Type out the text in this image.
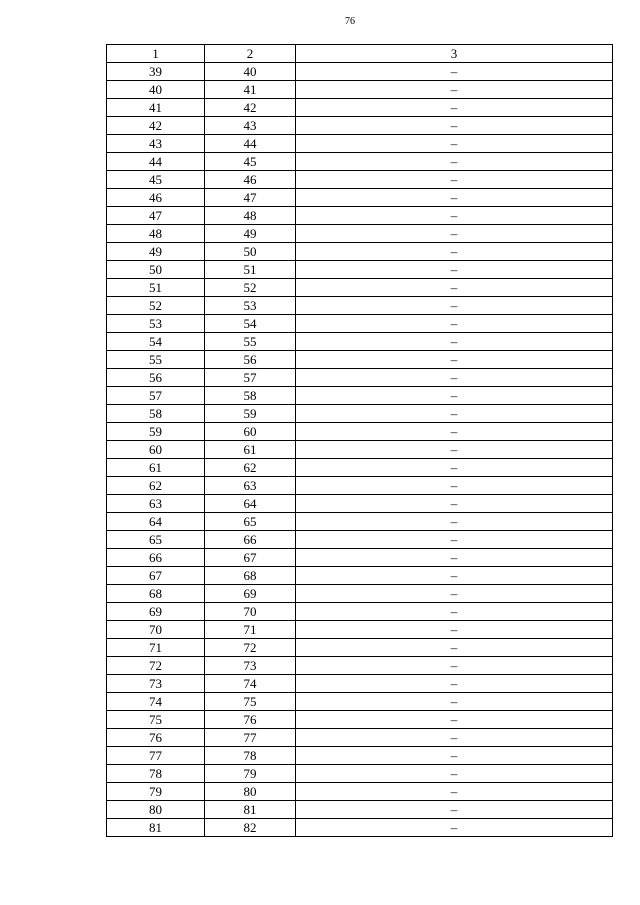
76
1	2	3
39	40	–
40	41	–
41	42	–
42	43	–
43	44	–
44	45	–
45	46	–
46	47	–
47	48	–
48	49	–
49	50	–
50	51	–
51	52	–
52	53	–
53	54	–
54	55	–
55	56	–
56	57	–
57	58	–
58	59	–
59	60	–
60	61	–
61	62	–
62	63	–
63	64	–
64	65	–
65	66	–
66	67	–
67	68	–
68	69	–
69	70	–
70	71	–
71	72	–
72	73	–
73	74	–
74	75	–
75	76	–
76	77	–
77	78	–
78	79	–
79	80	–
80	81	–
81	82	–
